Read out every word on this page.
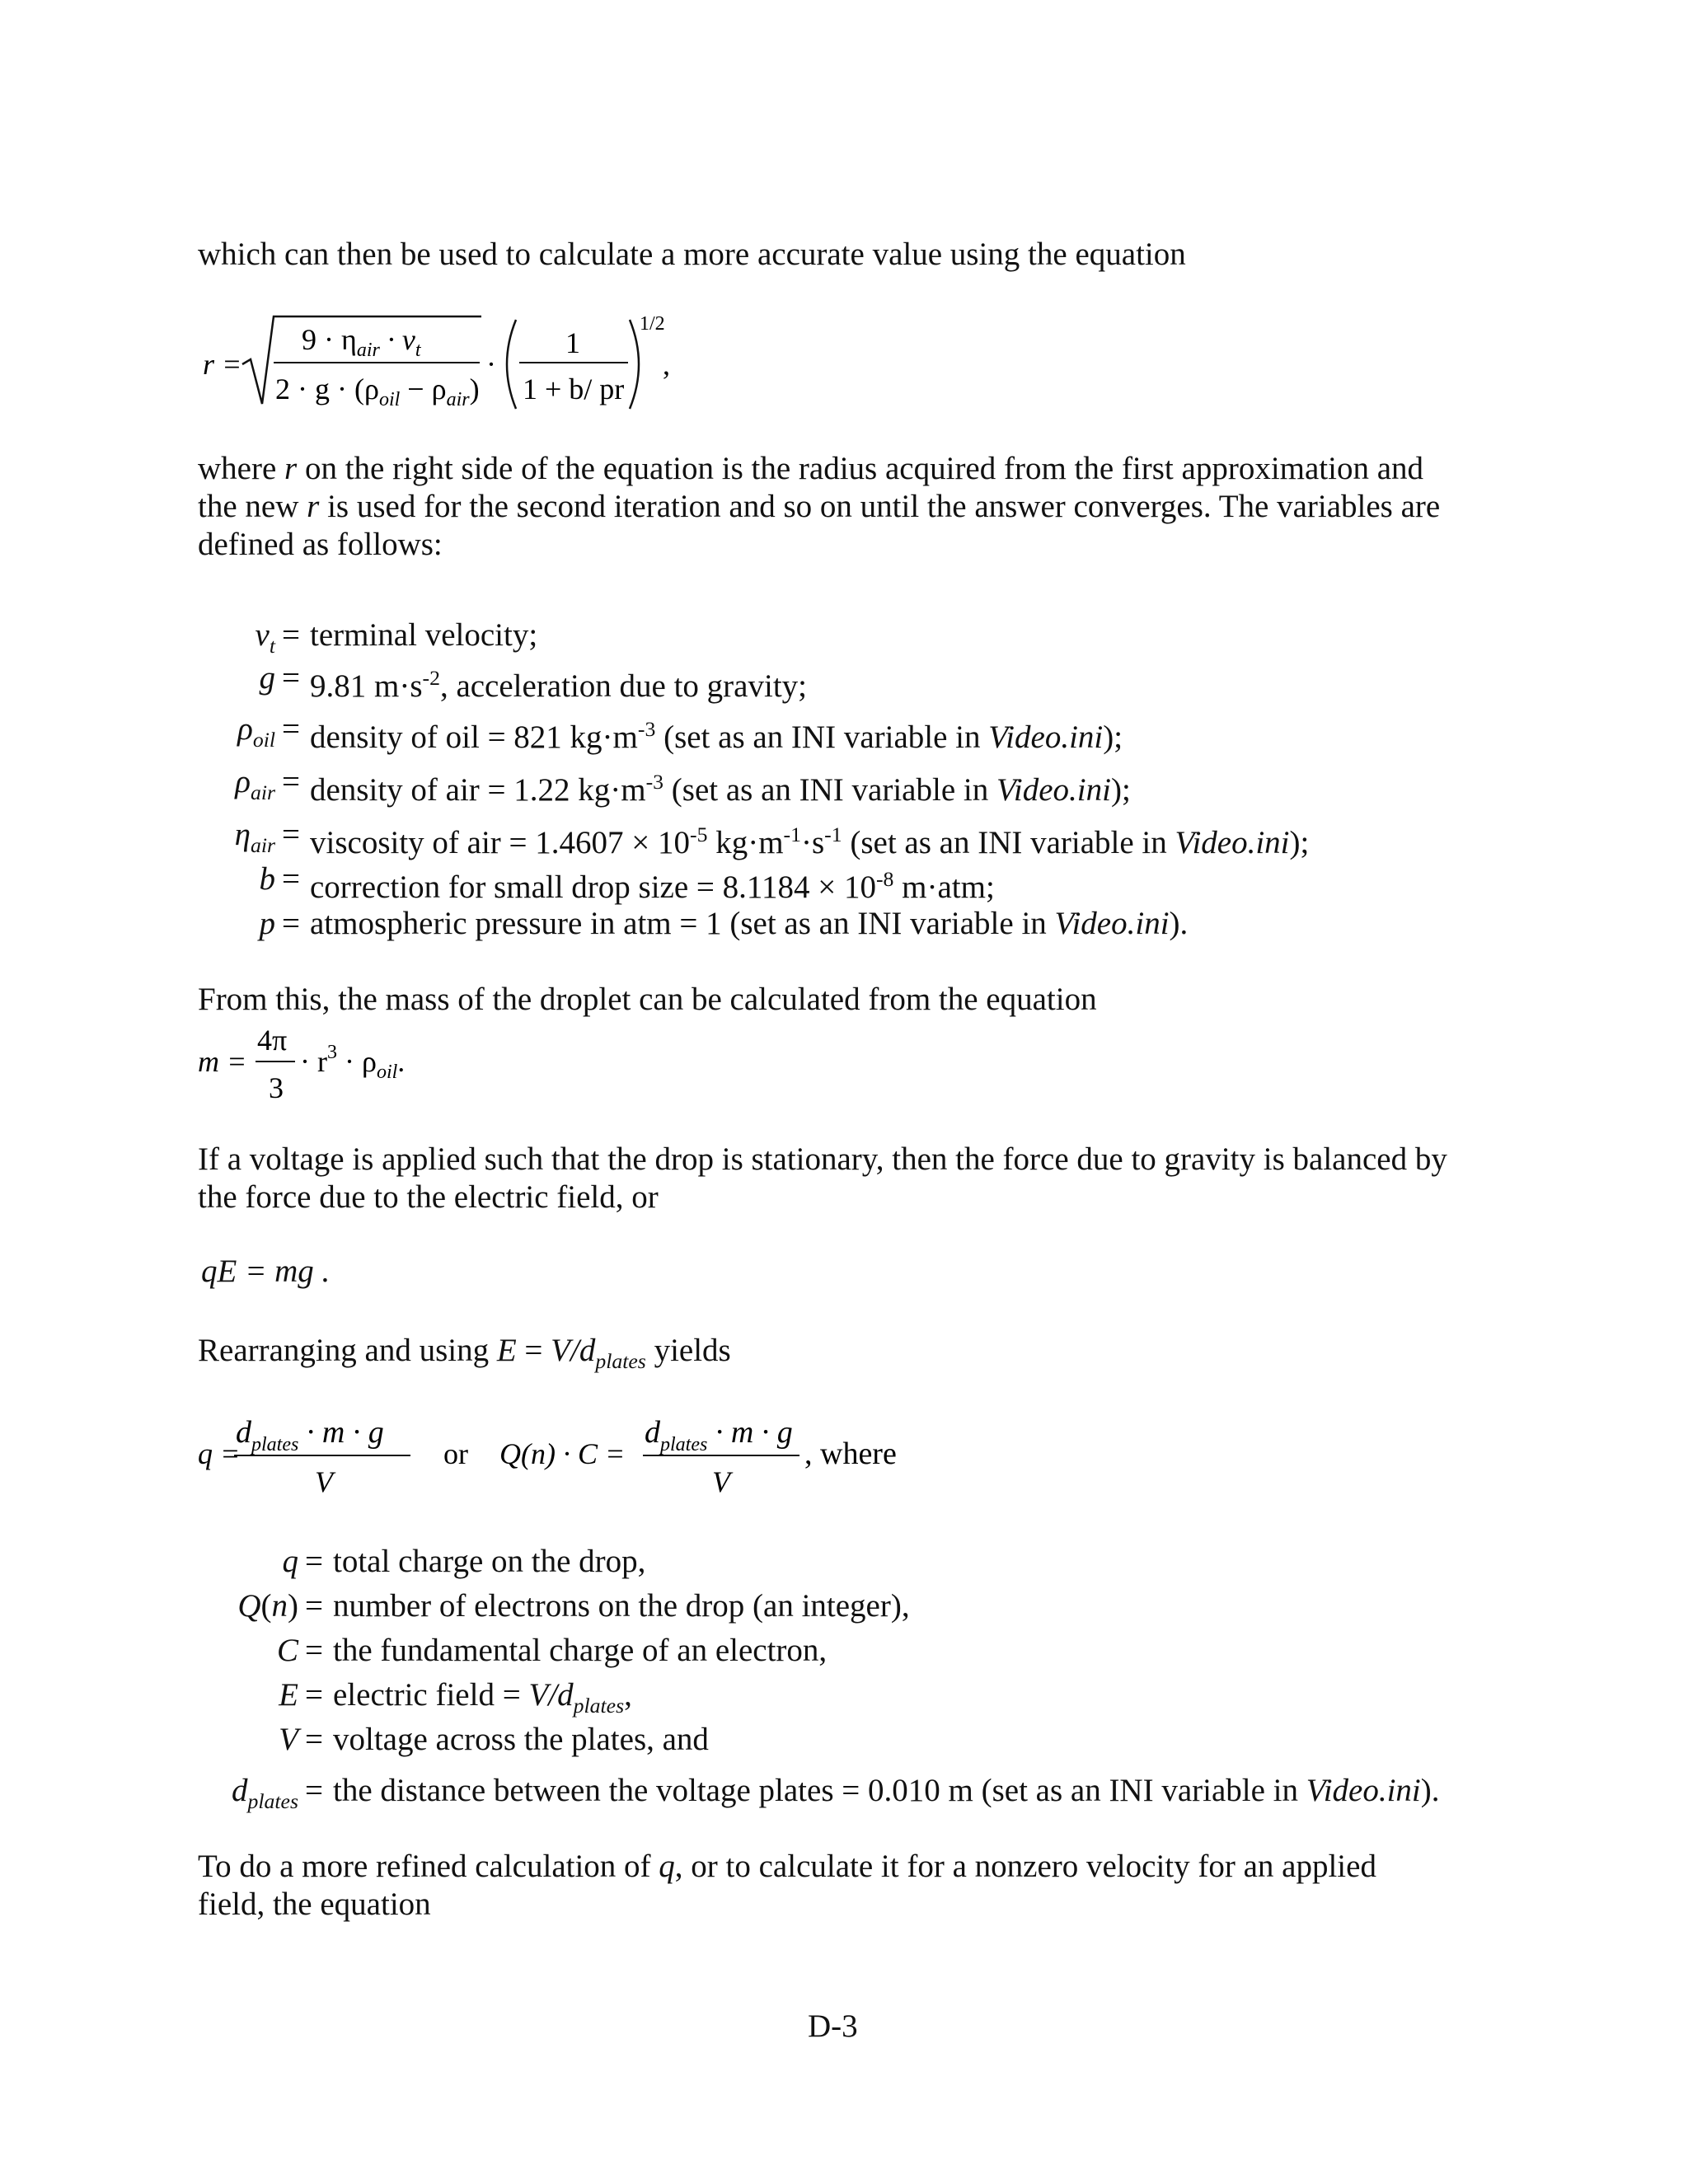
which can then be used to calculate a more accurate value using the equation
r =
$9 \cdot \eta_{air} \cdot v_t$
$2 \cdot g \cdot (\rho_{oil} - \rho_{air})$
·
1
1 + b/ pr
1/2
,
where r on the right side of the equation is the radius acquired from the first approximation and
the new r is used for the second iteration and so on until the answer converges. The variables are
defined as follows:
$v_t$ = terminal velocity;
g = 9.81 $m\cdot s^{-2}$, acceleration due to gravity;
$\rho_{oil}$ = density of oil = 821 $kg\cdot m^{-3}$ (set as an INI variable in Video.ini);
$\rho_{air}$ = density of air = 1.22 $kg\cdot m^{-3}$ (set as an INI variable in Video.ini);
$\eta_{air}$ = viscosity of air = $1.4607 \times 10^{-5}$ $kg\cdot m^{-1}\cdot s^{-1}$ (set as an INI variable in Video.ini);
b = correction for small drop size = $8.1184 \times 10^{-8}$ m·atm;
p = atmospheric pressure in atm = 1 (set as an INI variable in Video.ini).
From this, the mass of the droplet can be calculated from the equation
m =
4π
3
· $r^3 \cdot \rho_{oil}$.
If a voltage is applied such that the drop is stationary, then the force due to gravity is balanced by
the force due to the electric field, or
qE = mg .
Rearranging and using $E = V/d_{plates}$ yields
q =
$d_{plates} \cdot m \cdot g$
V
or Q(n) · C =
$d_{plates} \cdot m \cdot g$
V
, where
q = total charge on the drop,
Q(n) = number of electrons on the drop (an integer),
C = the fundamental charge of an electron,
E = electric field = $V/d_{plates}$,
V = voltage across the plates, and
$d_{plates}$ = the distance between the voltage plates = 0.010 m (set as an INI variable in Video.ini).
To do a more refined calculation of q, or to calculate it for a nonzero velocity for an applied
field, the equation
D-3
